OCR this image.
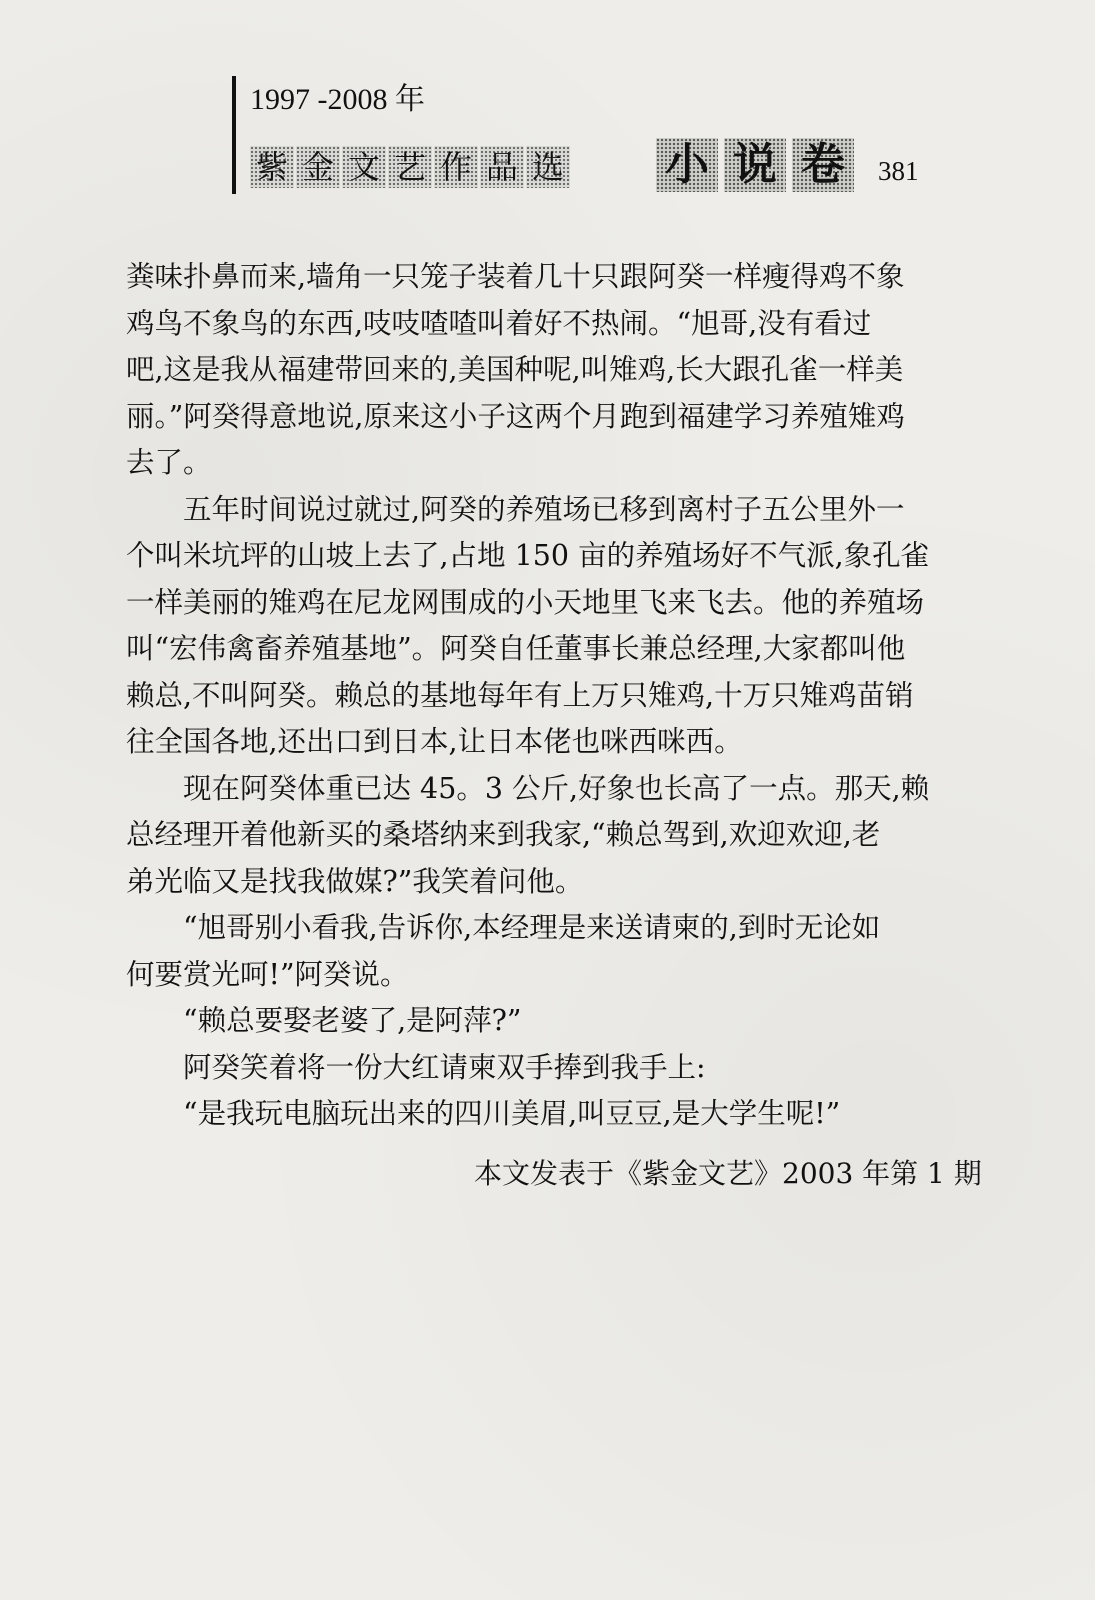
1997 -2008 年
紫 金 文 艺 作 品 选 小 说 卷	381
粪味扑鼻而来,墙角一只笼子装着几十只跟阿癸一样瘦得鸡不象
鸡鸟不象鸟的东西,吱吱喳喳叫着好不热闹。“旭哥,没有看过
吧,这是我从福建带回来的,美国种呢,叫雉鸡,长大跟孔雀一样美
丽。”阿癸得意地说,原来这小子这两个月跑到福建学习养殖雉鸡
去了。
　　五年时间说过就过,阿癸的养殖场已移到离村子五公里外一
个叫米坑坪的山坡上去了,占地 150 亩的养殖场好不气派,象孔雀
一样美丽的雉鸡在尼龙网围成的小天地里飞来飞去。他的养殖场
叫“宏伟禽畜养殖基地”。阿癸自任董事长兼总经理,大家都叫他
赖总,不叫阿癸。赖总的基地每年有上万只雉鸡,十万只雉鸡苗销
往全国各地,还出口到日本,让日本佬也咪西咪西。
　　现在阿癸体重已达 45。3 公斤,好象也长高了一点。那天,赖
总经理开着他新买的桑塔纳来到我家,“赖总驾到,欢迎欢迎,老
弟光临又是找我做媒?”我笑着问他。
　　“旭哥别小看我,告诉你,本经理是来送请柬的,到时无论如
何要赏光呵!”阿癸说。
　　“赖总要娶老婆了,是阿萍?”
　　阿癸笑着将一份大红请柬双手捧到我手上:
　　“是我玩电脑玩出来的四川美眉,叫豆豆,是大学生呢!”
本文发表于《紫金文艺》2003 年第 1 期
